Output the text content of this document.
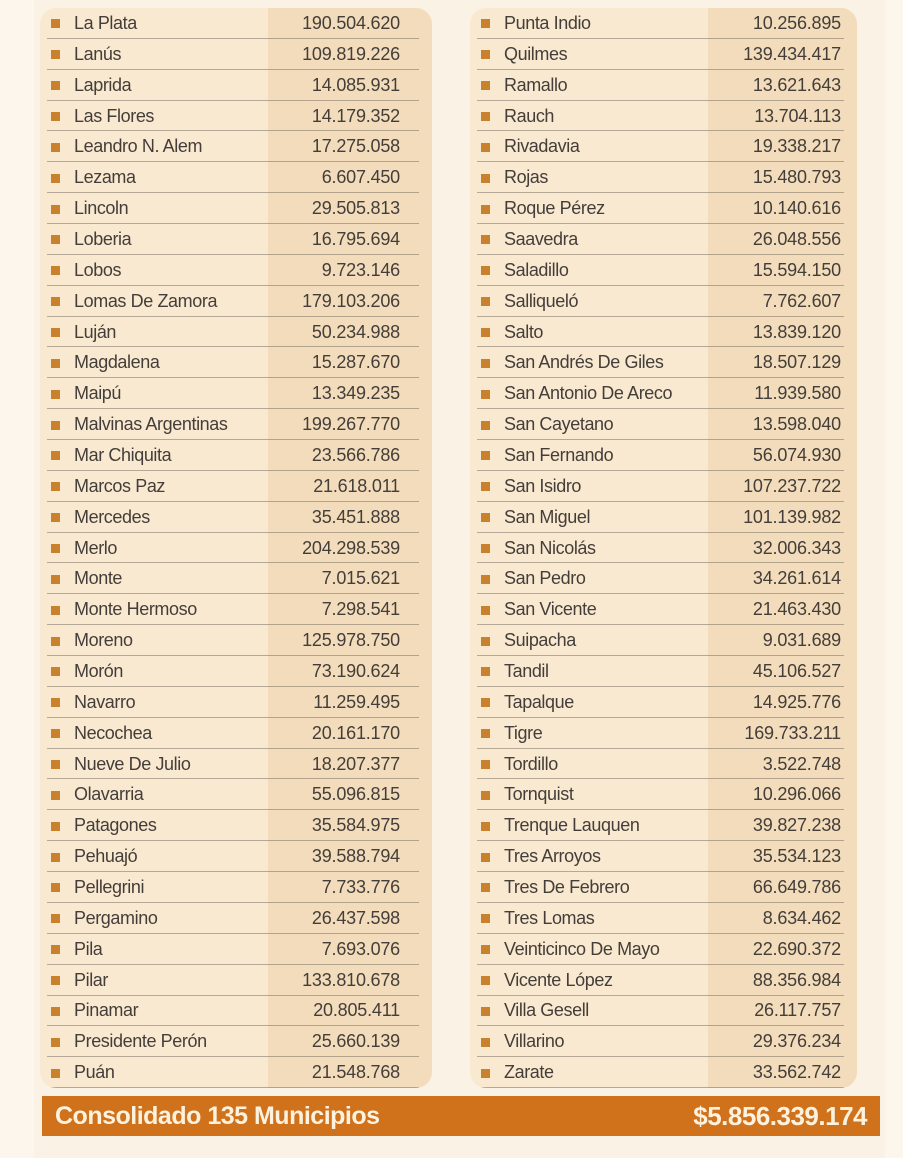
La Plata	190.504.620
Lanús	109.819.226
Laprida	14.085.931
Las Flores	14.179.352
Leandro N. Alem	17.275.058
Lezama	6.607.450
Lincoln	29.505.813
Loberia	16.795.694
Lobos	9.723.146
Lomas De Zamora	179.103.206
Luján	50.234.988
Magdalena	15.287.670
Maipú	13.349.235
Malvinas Argentinas	199.267.770
Mar Chiquita	23.566.786
Marcos Paz	21.618.011
Mercedes	35.451.888
Merlo	204.298.539
Monte	7.015.621
Monte Hermoso	7.298.541
Moreno	125.978.750
Morón	73.190.624
Navarro	11.259.495
Necochea	20.161.170
Nueve De Julio	18.207.377
Olavarria	55.096.815
Patagones	35.584.975
Pehuajó	39.588.794
Pellegrini	7.733.776
Pergamino	26.437.598
Pila	7.693.076
Pilar	133.810.678
Pinamar	20.805.411
Presidente Perón	25.660.139
Puán	21.548.768
Punta Indio	10.256.895
Quilmes	139.434.417
Ramallo	13.621.643
Rauch	13.704.113
Rivadavia	19.338.217
Rojas	15.480.793
Roque Pérez	10.140.616
Saavedra	26.048.556
Saladillo	15.594.150
Salliqueló	7.762.607
Salto	13.839.120
San Andrés De Giles	18.507.129
San Antonio De Areco	11.939.580
San Cayetano	13.598.040
San Fernando	56.074.930
San Isidro	107.237.722
San Miguel	101.139.982
San Nicolás	32.006.343
San Pedro	34.261.614
San Vicente	21.463.430
Suipacha	9.031.689
Tandil	45.106.527
Tapalque	14.925.776
Tigre	169.733.211
Tordillo	3.522.748
Tornquist	10.296.066
Trenque Lauquen	39.827.238
Tres Arroyos	35.534.123
Tres De Febrero	66.649.786
Tres Lomas	8.634.462
Veinticinco De Mayo	22.690.372
Vicente López	88.356.984
Villa Gesell	26.117.757
Villarino	29.376.234
Zarate	33.562.742
Consolidado 135 Municipios	$5.856.339.174
